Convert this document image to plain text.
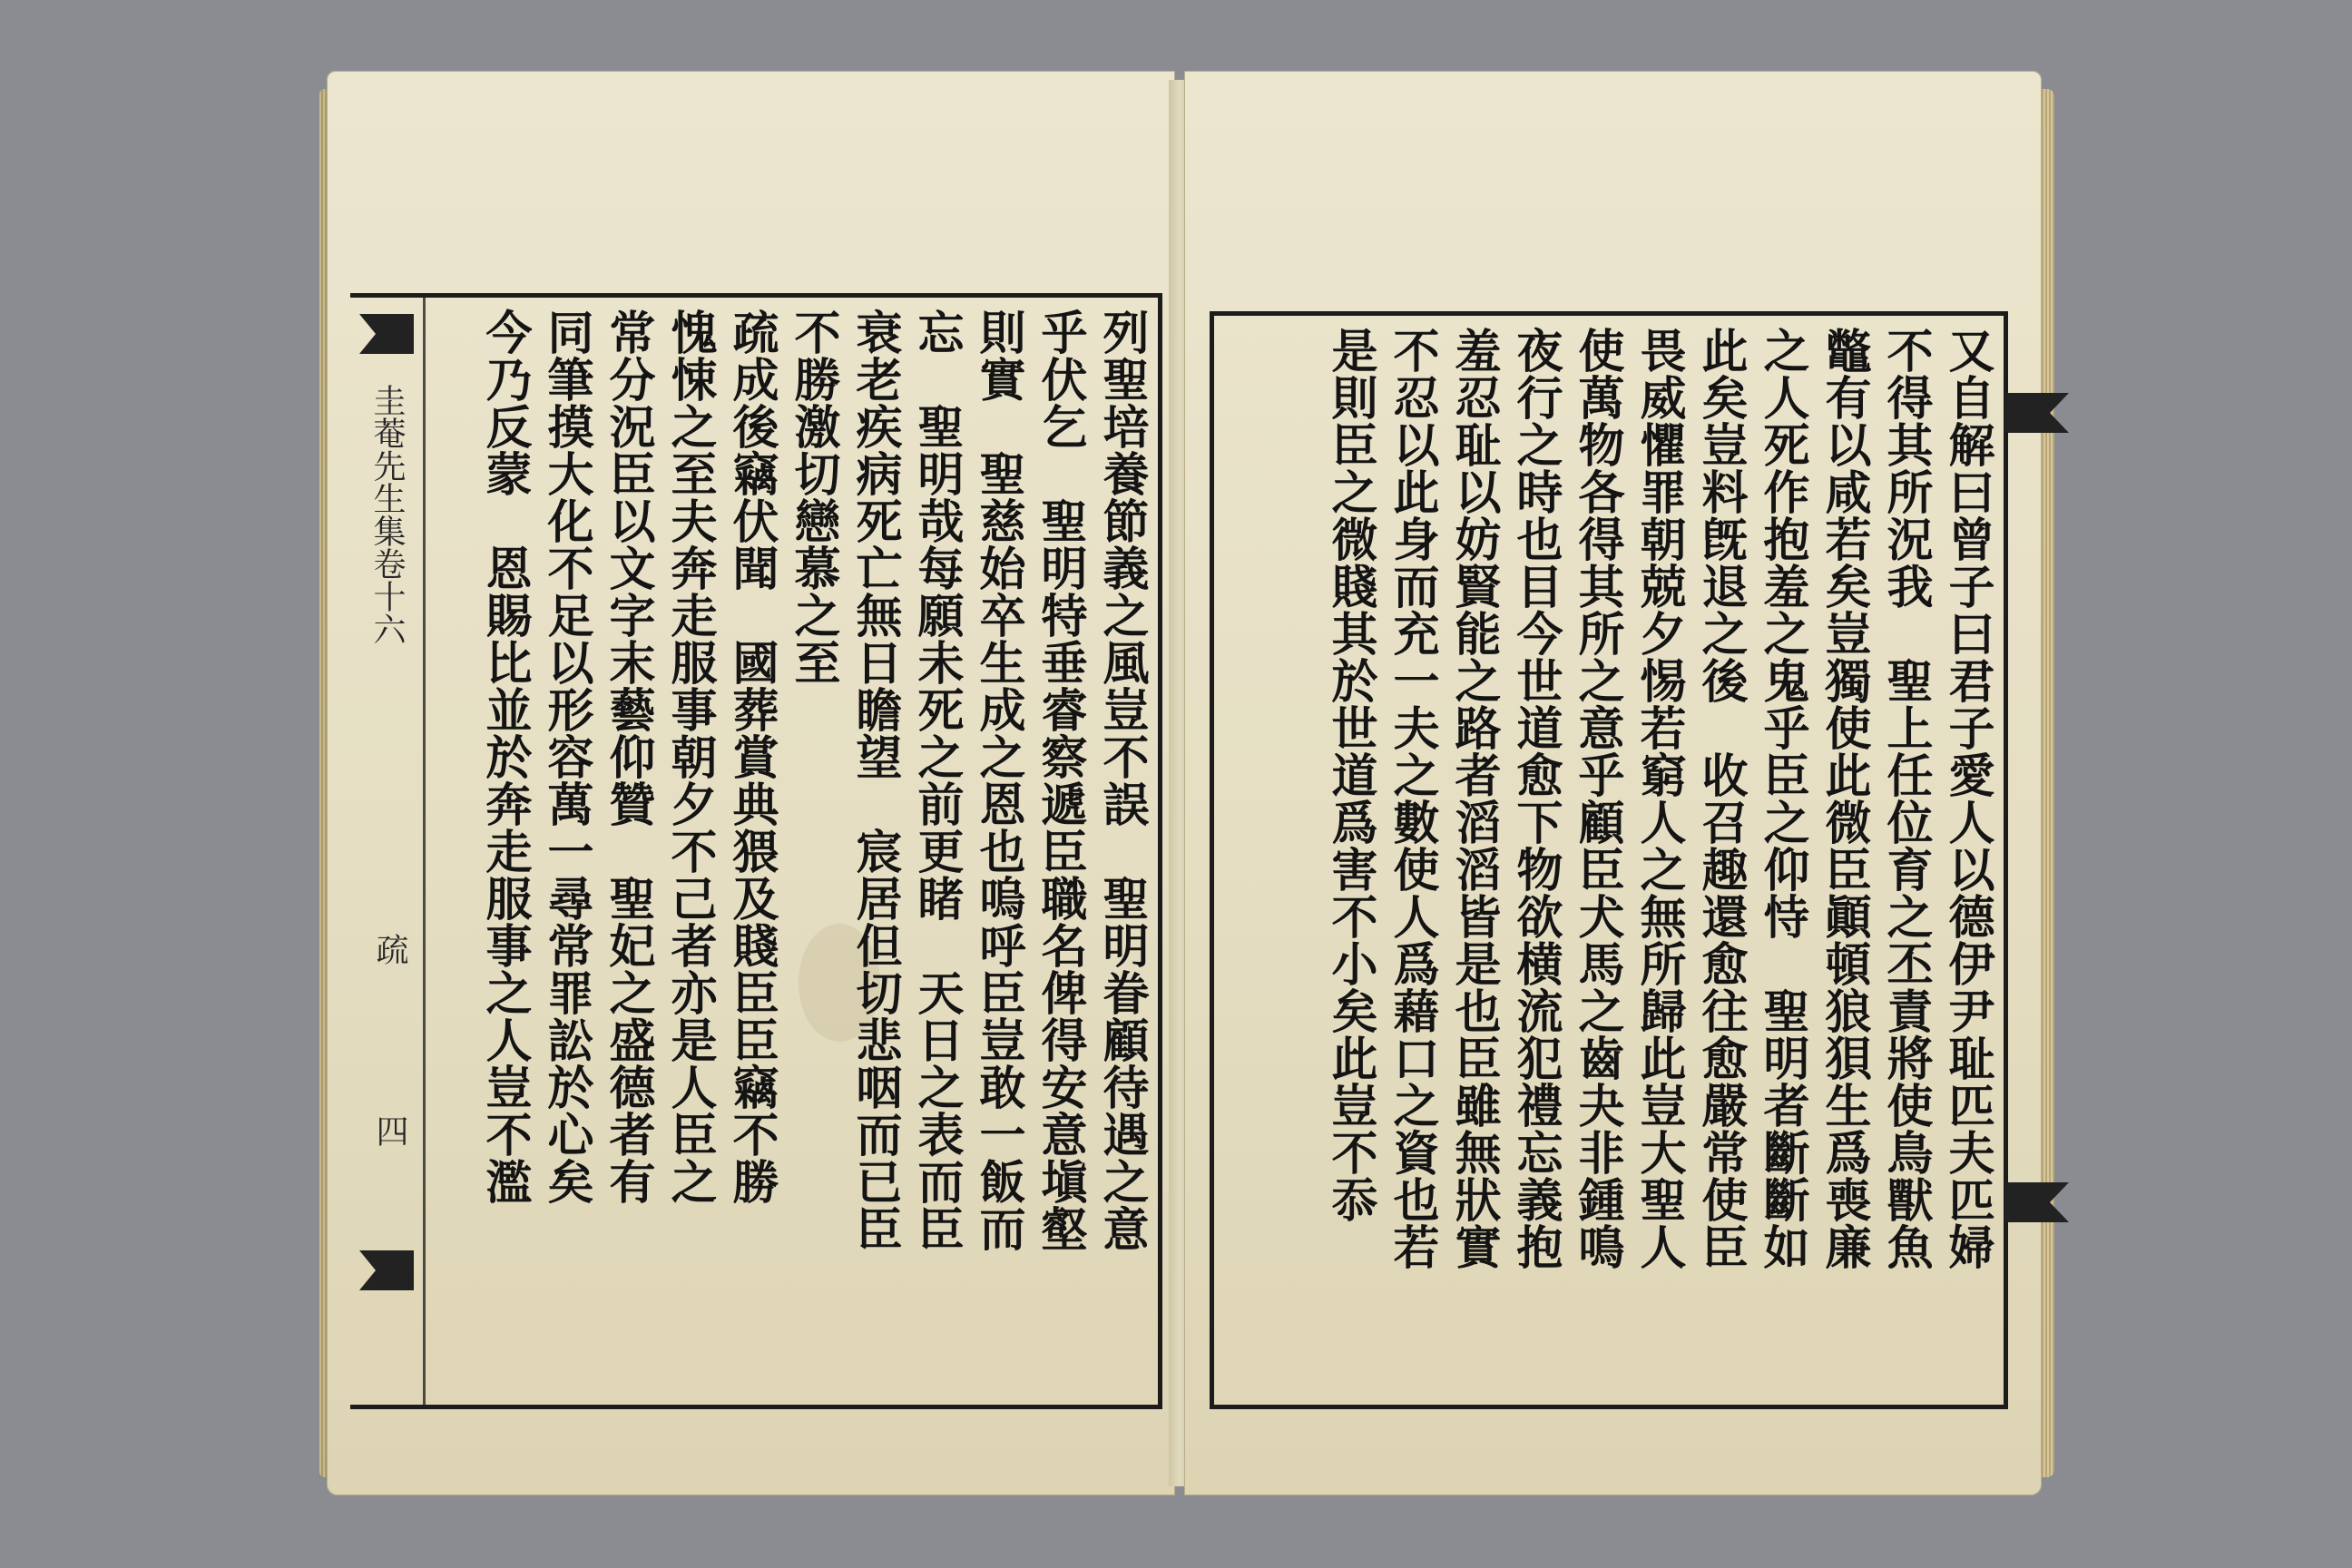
圭菴先生集卷十六
疏
四	列聖培養節義之風豈不誤　聖明眷顧待遇之意
乎伏乞　聖明特垂睿察遞臣職名俾得安意塡壑
則實　聖慈始卒生成之恩也嗚呼臣豈敢一飯而
忘　聖明哉每願未死之前更睹　天日之表而臣
衰老疾病死亡無日瞻望　宸居但切悲咽而已臣
不勝激切戀慕之至
疏成後竊伏聞　國葬賞典猥及賤臣臣竊不勝
愧悚之至夫奔走服事朝夕不己者亦是人臣之
常分況臣以文字末藝仰贊　聖妃之盛德者有
同筆摸大化不足以形容萬一尋常罪訟於心矣
今乃反蒙　恩賜比並於奔走服事之人豈不濫	又自解曰曾子曰君子愛人以德伊尹耻匹夫匹婦
不得其所況我　聖上任位育之丕責將使鳥獸魚
鼈有以咸若矣豈獨使此微臣顚頓狼狽生爲喪廉
之人死作抱羞之鬼乎臣之仰恃　聖明者斷斷如
此矣豈料旣退之後　收召趣還愈往愈嚴常使臣
畏威懼罪朝兢夕惕若窮人之無所歸此豈大聖人
使萬物各得其所之意乎顧臣犬馬之齒夬非鍾鳴
夜行之時也目今世道愈下物欲横流犯禮忘義抱
羞忍耻以妨賢能之路者滔滔皆是也臣雖無狀實
不忍以此身而充一夫之數使人爲藉口之資也若
是則臣之微賤其於世道爲害不小矣此豈不忝
